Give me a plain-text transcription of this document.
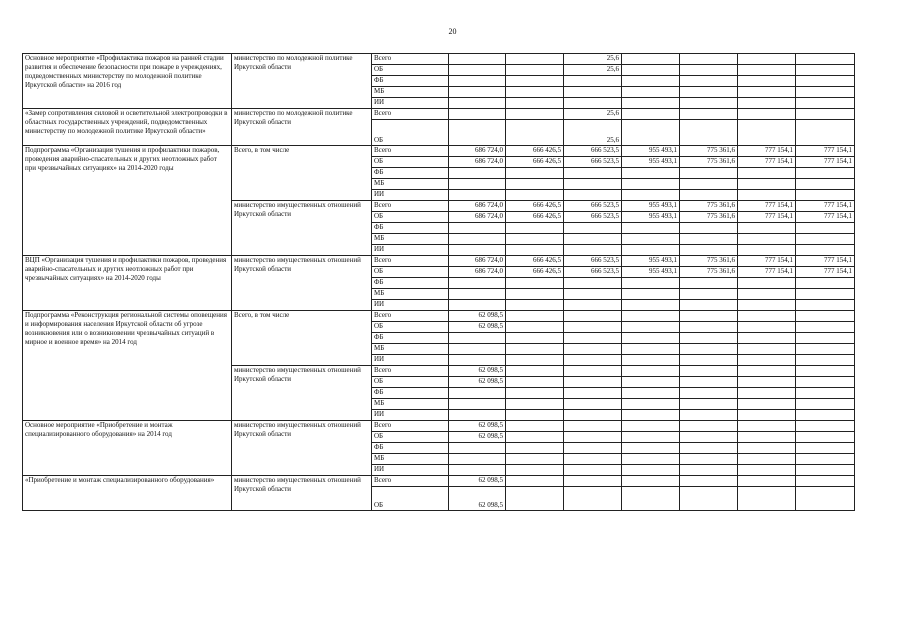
20
Основное мероприятие «Профилактика пожаров на ранней стадии развития и обеспечение безопасности при пожаре в учреждениях, подведомственных министерству по молодежной политике Иркутской области» на 2016 год	министерство по молодежной политике Иркутской области	Всего			25,6				
		ОБ			25,6				
		ФБ							
		МБ							
		ИИ							
«Замер сопротивления силовой и осветительной электропроводки в областных государственных учреждений, подведомственных министерству по молодежной политике Иркутской области»	министерство по молодежной политике Иркутской области	Всего			25,6				
		ОБ			25,6				
Подпрограмма «Организация тушения и профилактики пожаров, проведения аварийно-спасательных и других неотложных работ при чрезвычайных ситуациях» на 2014-2020 годы	Всего, в том числе	Всего	686 724,0	666 426,5	666 523,5	955 493,1	775 361,6	777 154,1	777 154,1
		ОБ	686 724,0	666 426,5	666 523,5	955 493,1	775 361,6	777 154,1	777 154,1
		ФБ							
		МБ							
		ИИ							
	министерство имущественных отношений Иркутской области	Всего	686 724,0	666 426,5	666 523,5	955 493,1	775 361,6	777 154,1	777 154,1
		ОБ	686 724,0	666 426,5	666 523,5	955 493,1	775 361,6	777 154,1	777 154,1
		ФБ							
		МБ							
		ИИ							
ВЦП «Организация тушения и профилактики пожаров, проведения аварийно-спасательных и других неотложных работ при чрезвычайных ситуациях» на 2014-2020 годы	министерство имущественных отношений Иркутской области	Всего	686 724,0	666 426,5	666 523,5	955 493,1	775 361,6	777 154,1	777 154,1
		ОБ	686 724,0	666 426,5	666 523,5	955 493,1	775 361,6	777 154,1	777 154,1
		ФБ							
		МБ							
		ИИ							
Подпрограмма «Реконструкция региональной системы оповещения и информирования населения Иркутской области об угрозе возникновения или о возникновении чрезвычайных ситуаций в мирное и военное время» на 2014 год	Всего, в том числе	Всего	62 098,5						
		ОБ	62 098,5						
		ФБ							
		МБ							
		ИИ							
	министерство имущественных отношений Иркутской области	Всего	62 098,5						
		ОБ	62 098,5						
		ФБ							
		МБ							
		ИИ							
Основное мероприятие «Приобретение и монтаж специализированного оборудования» на 2014 год	министерство имущественных отношений Иркутской области	Всего	62 098,5						
		ОБ	62 098,5						
		ФБ							
		МБ							
		ИИ							
«Приобретение и монтаж специализированного оборудования»	министерство имущественных отношений Иркутской области	Всего	62 098,5						
		ОБ	62 098,5						
